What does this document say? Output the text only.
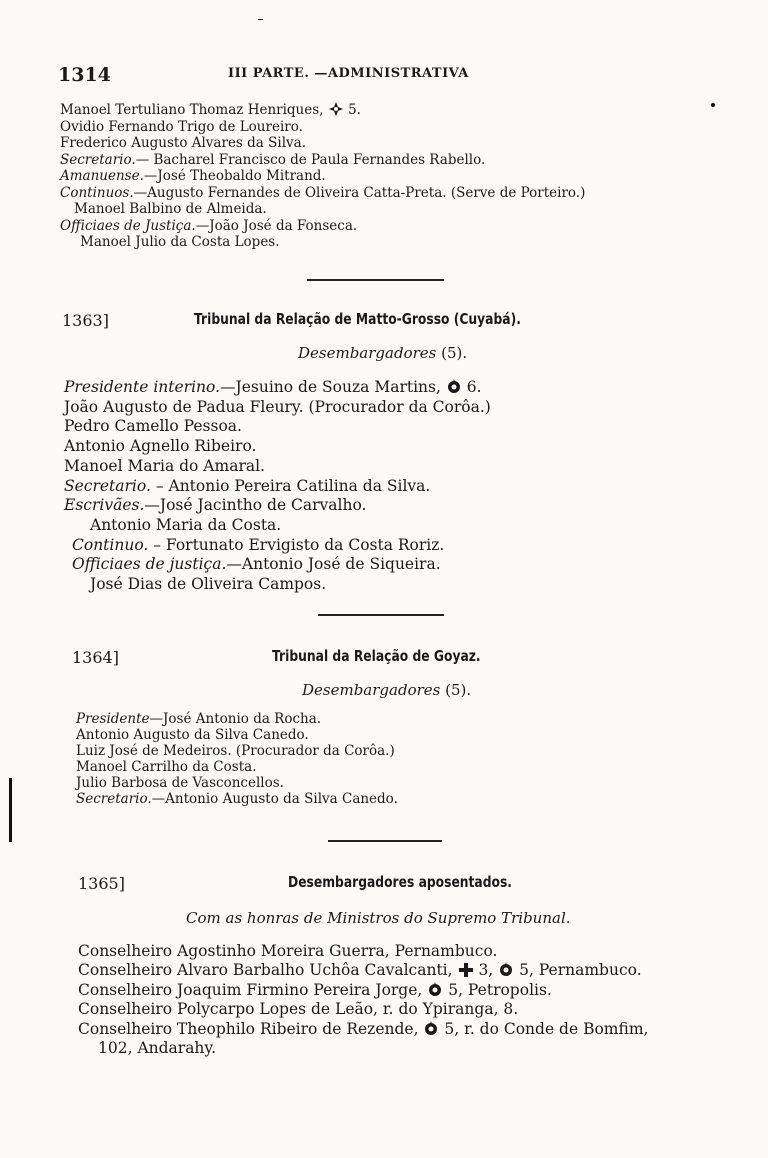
1314	III PARTE. —ADMINISTRATIVA
Manoel Tertuliano Thomaz Henriques, 5.
Ovidio Fernando Trigo de Loureiro.
Frederico Augusto Alvares da Silva.
Secretario.— Bacharel Francisco de Paula Fernandes Rabello.
Amanuense.—José Theobaldo Mitrand.
Continuos.—Augusto Fernandes de Oliveira Catta-Preta. (Serve de Porteiro.)
Manoel Balbino de Almeida.
Officiaes de Justiça.—João José da Fonseca.
Manoel Julio da Costa Lopes.
1363]	Tribunal da Relação de Matto-Grosso (Cuyabá).
Desembargadores (5).
Presidente interino.—Jesuino de Souza Martins, 6.
João Augusto de Padua Fleury. (Procurador da Corôa.)
Pedro Camello Pessoa.
Antonio Agnello Ribeiro.
Manoel Maria do Amaral.
Secretario. – Antonio Pereira Catilina da Silva.
Escrivães.—José Jacintho de Carvalho.
Antonio Maria da Costa.
Continuo. – Fortunato Ervigisto da Costa Roriz.
Officiaes de justiça.—Antonio José de Siqueira.
José Dias de Oliveira Campos.
1364]	Tribunal da Relação de Goyaz.
Desembargadores (5).
Presidente—José Antonio da Rocha.
Antonio Augusto da Silva Canedo.
Luiz José de Medeiros. (Procurador da Corôa.)
Manoel Carrilho da Costa.
Julio Barbosa de Vasconcellos.
Secretario.—Antonio Augusto da Silva Canedo.
1365]	Desembargadores aposentados.
Com as honras de Ministros do Supremo Tribunal.
Conselheiro Agostinho Moreira Guerra, Pernambuco.
Conselheiro Alvaro Barbalho Uchôa Cavalcanti, 3, 5, Pernambuco.
Conselheiro Joaquim Firmino Pereira Jorge, 5, Petropolis.
Conselheiro Polycarpo Lopes de Leão, r. do Ypiranga, 8.
Conselheiro Theophilo Ribeiro de Rezende, 5, r. do Conde de Bomfim,
102, Andarahy.
